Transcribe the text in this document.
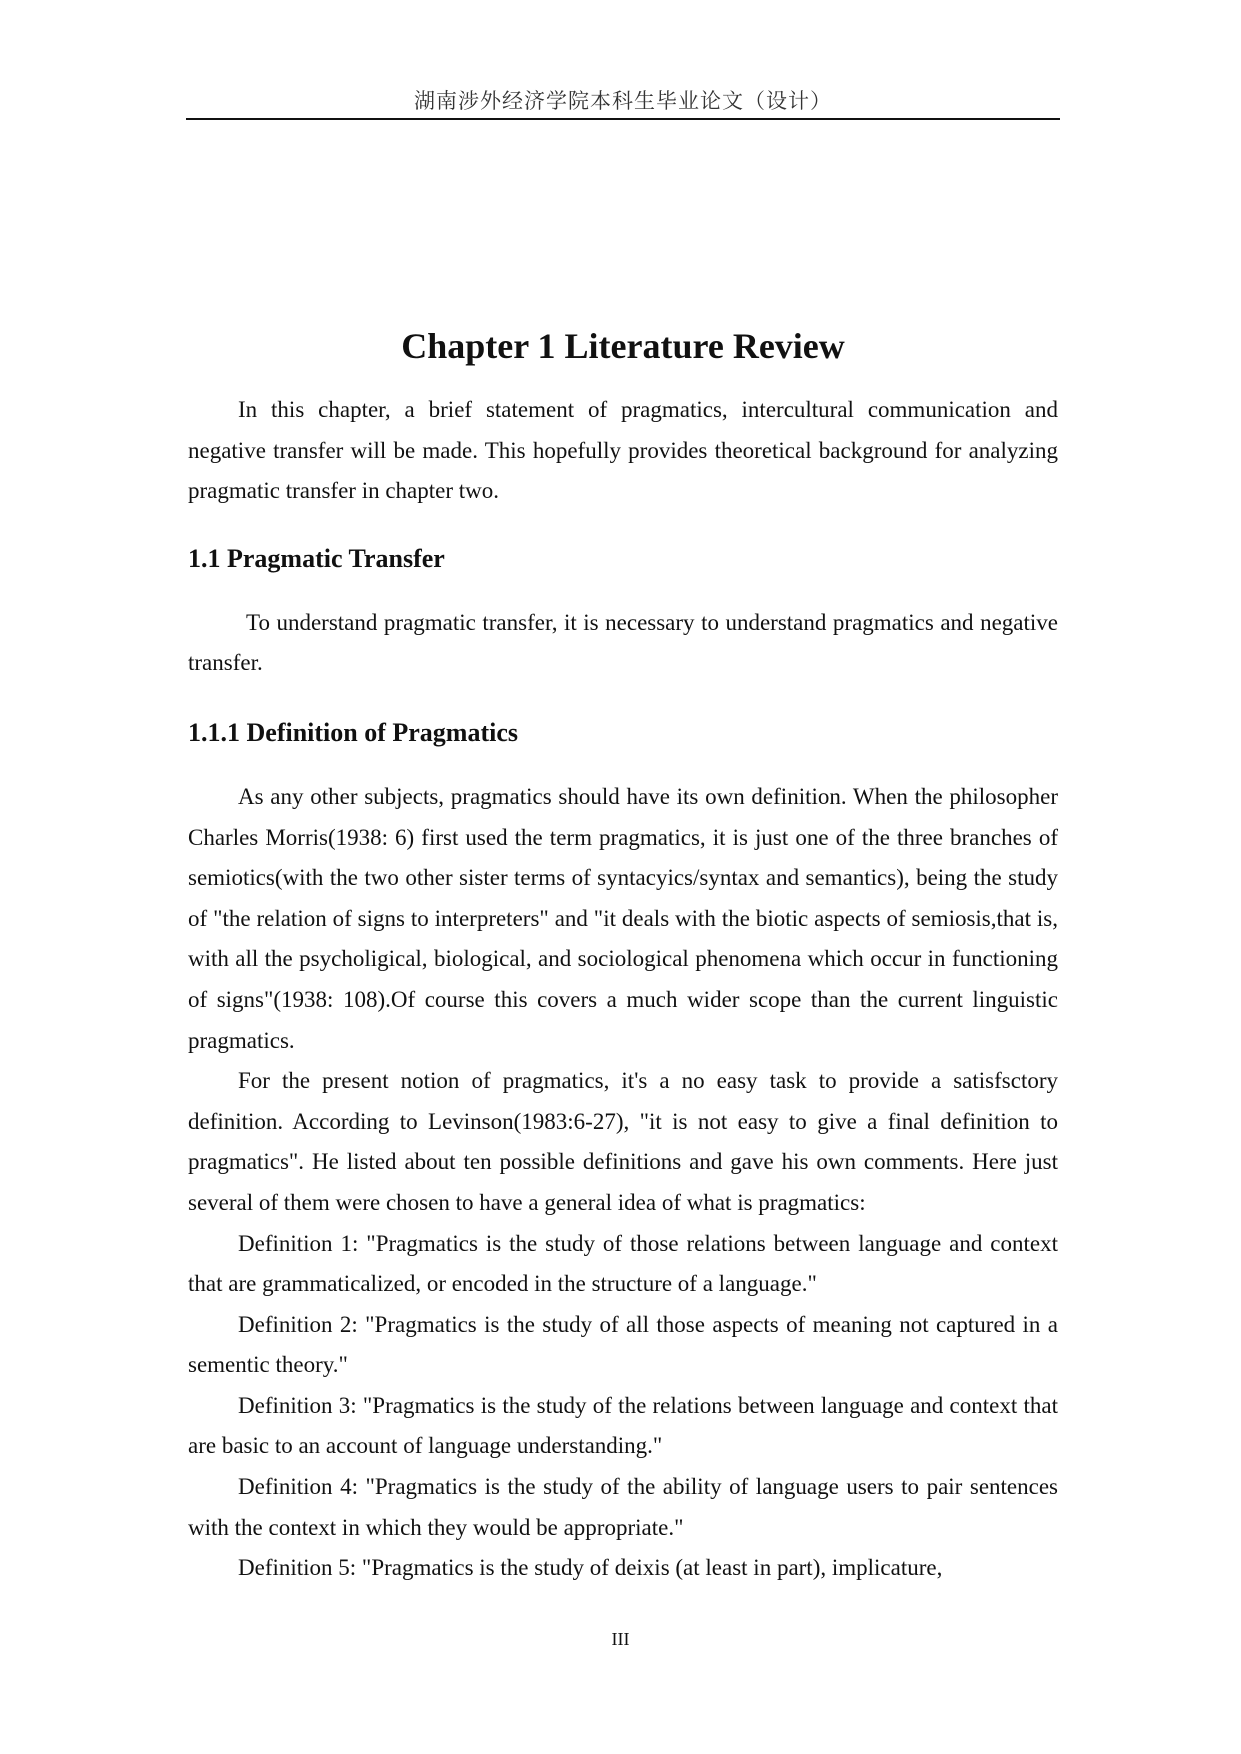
湖南涉外经济学院本科生毕业论文（设计）
Chapter 1 Literature Review

In this chapter, a brief statement of pragmatics, intercultural communication and negative transfer will be made. This hopefully provides theoretical background for analyzing pragmatic transfer in chapter two.

1.1 Pragmatic Transfer

To understand pragmatic transfer, it is necessary to understand pragmatics and negative transfer.

1.1.1 Definition of Pragmatics

As any other subjects, pragmatics should have its own definition. When the philosopher Charles Morris(1938: 6) first used the term pragmatics, it is just one of the three branches of semiotics(with the two other sister terms of syntacyics/syntax and semantics), being the study of "the relation of signs to interpreters" and "it deals with the biotic aspects of semiosis,that is, with all the psycholigical, biological, and sociological phenomena which occur in functioning of signs"(1938: 108).Of course this covers a much wider scope than the current linguistic pragmatics.

For the present notion of pragmatics, it's a no easy task to provide a satisfsctory definition. According to Levinson(1983:6-27), "it is not easy to give a final definition to pragmatics". He listed about ten possible definitions and gave his own comments. Here just several of them were chosen to have a general idea of what is pragmatics:

Definition 1: "Pragmatics is the study of those relations between language and context that are grammaticalized, or encoded in the structure of a language."

Definition 2: "Pragmatics is the study of all those aspects of meaning not captured in a sementic theory."

Definition 3: "Pragmatics is the study of the relations between language and context that are basic to an account of language understanding."

Definition 4: "Pragmatics is the study of the ability of language users to pair sentences with the context in which they would be appropriate."

Definition 5: "Pragmatics is the study of deixis (at least in part), implicature,

III
